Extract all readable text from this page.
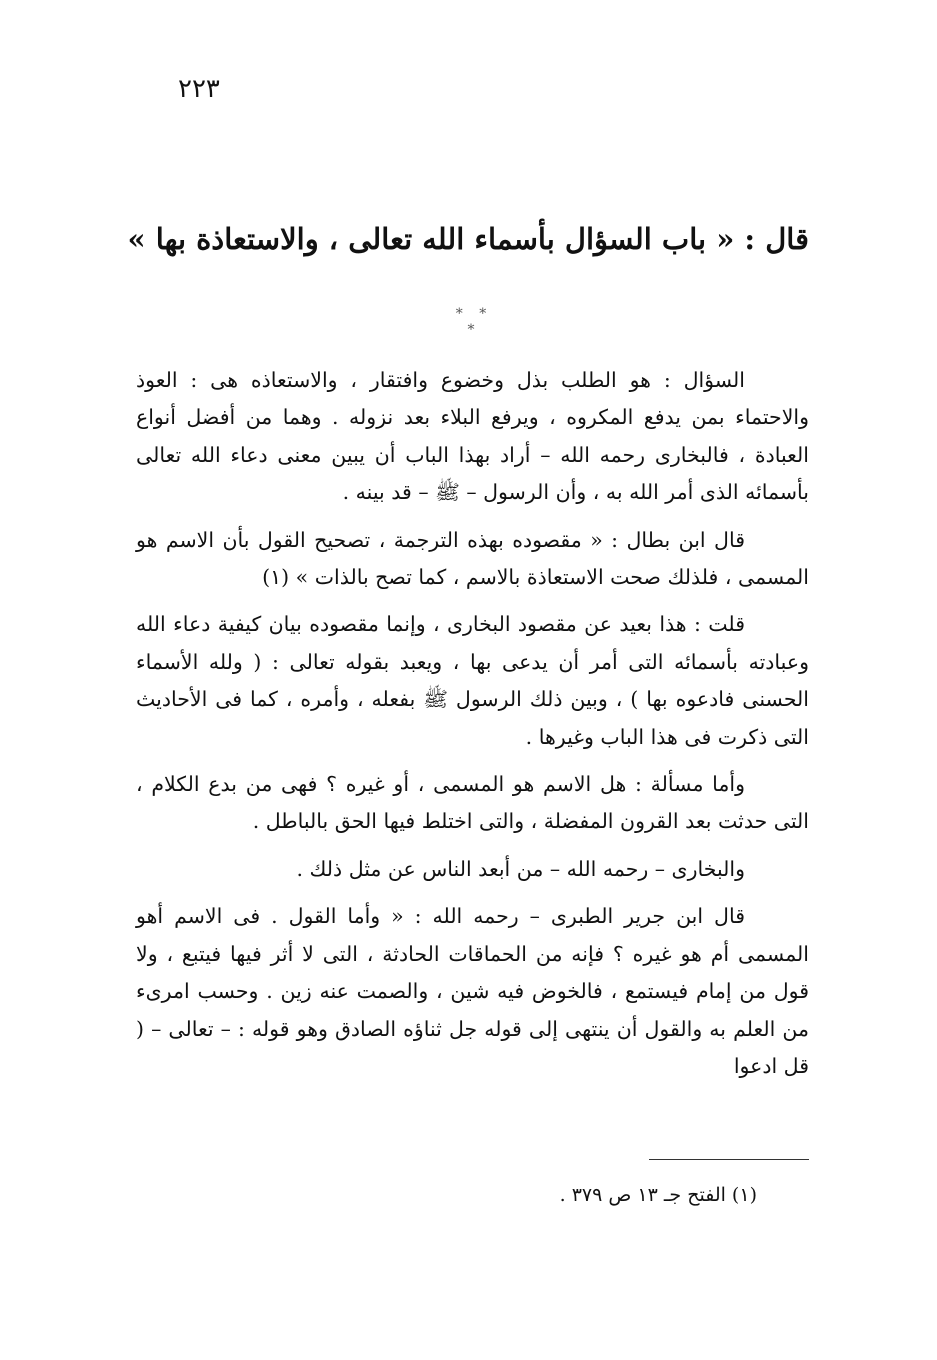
٢٢٣
قال : « باب السؤال بأسماء الله تعالى ، والاستعاذة بها »
* * *

السؤال : هو الطلب بذل وخضوع وافتقار ، والاستعاذه هى : العوذ والاحتماء بمن يدفع المكروه ، ويرفع البلاء بعد نزوله . وهما من أفضل أنواع العبادة ، فالبخارى رحمه الله – أراد بهذا الباب أن يبين معنى دعاء الله تعالى بأسمائه الذى أمر الله به ، وأن الرسول – ﷺ – قد بينه .

قال ابن بطال : « مقصوده بهذه الترجمة ، تصحيح القول بأن الاسم هو المسمى ، فلذلك صحت الاستعاذة بالاسم ، كما تصح بالذات » (١)

قلت : هذا بعيد عن مقصود البخارى ، وإنما مقصوده بيان كيفية دعاء الله وعبادته بأسمائه التى أمر أن يدعى بها ، ويعبد بقوله تعالى : ( ولله الأسماء الحسنى فادعوه بها ) ، وبين ذلك الرسول ﷺ بفعله ، وأمره ، كما فى الأحاديث التى ذكرت فى هذا الباب وغيرها .

وأما مسألة : هل الاسم هو المسمى ، أو غيره ؟ فهى من بدع الكلام ، التى حدثت بعد القرون المفضلة ، والتى اختلط فيها الحق بالباطل .

والبخارى – رحمه الله – من أبعد الناس عن مثل ذلك .

قال ابن جرير الطبرى – رحمه الله : « وأما القول . فى الاسم أهو المسمى أم هو غيره ؟ فإنه من الحماقات الحادثة ، التى لا أثر فيها فيتبع ، ولا قول من إمام فيستمع ، فالخوض فيه شين ، والصمت عنه زين . وحسب امرىء من العلم به والقول أن ينتهى إلى قوله جل ثناؤه الصادق وهو قوله : – تعالى – ( قل ادعوا

(١) الفتح جـ ١٣ ص ٣٧٩ .
